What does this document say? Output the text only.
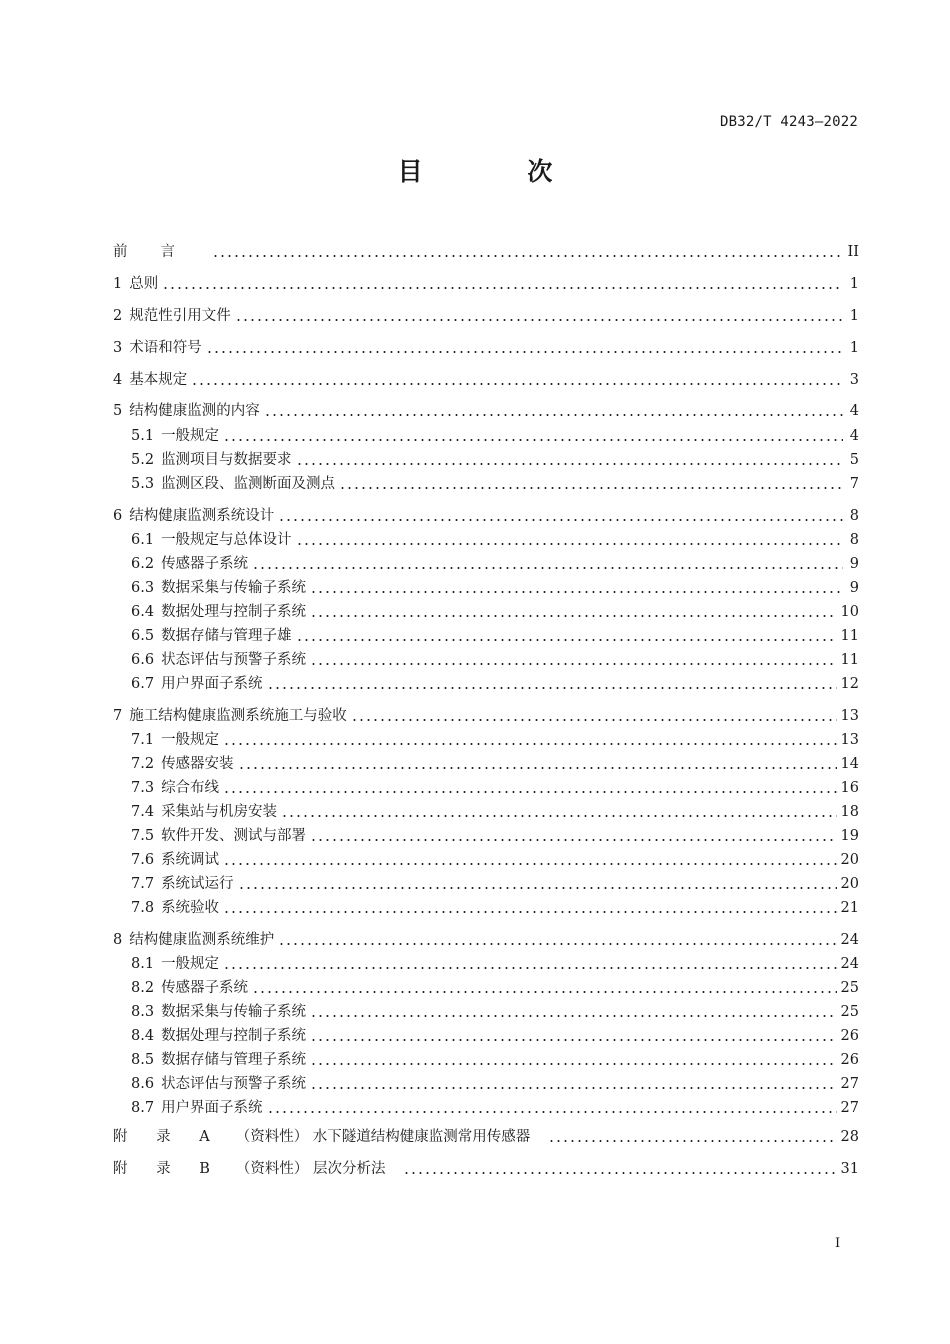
DB32/T 4243—2022
目 次
前言	II
1 总则	1
2 规范性引用文件	1
3 术语和符号	1
4 基本规定	3
5 结构健康监测的内容	4
5.1 一般规定	4
5.2 监测项目与数据要求	5
5.3 监测区段、监测断面及测点	7
6 结构健康监测系统设计	8
6.1 一般规定与总体设计	8
6.2 传感器子系统	9
6.3 数据采集与传输子系统	9
6.4 数据处理与控制子系统	10
6.5 数据存储与管理子雄	11
6.6 状态评估与预警子系统	11
6.7 用户界面子系统	12
7 施工结构健康监测系统施工与验收	13
7.1 一般规定	13
7.2 传感器安装	14
7.3 综合布线	16
7.4 采集站与机房安装	18
7.5 软件开发、测试与部署	19
7.6 系统调试	20
7.7 系统试运行	20
7.8 系统验收	21
8 结构健康监测系统维护	24
8.1 一般规定	24
8.2 传感器子系统	25
8.3 数据采集与传输子系统	25
8.4 数据处理与控制子系统	26
8.5 数据存储与管理子系统	26
8.6 状态评估与预警子系统	27
8.7 用户界面子系统	27
附 录 A （资料性） 水下隧道结构健康监测常用传感器	28
附 录 B （资料性） 层次分析法	31
I
